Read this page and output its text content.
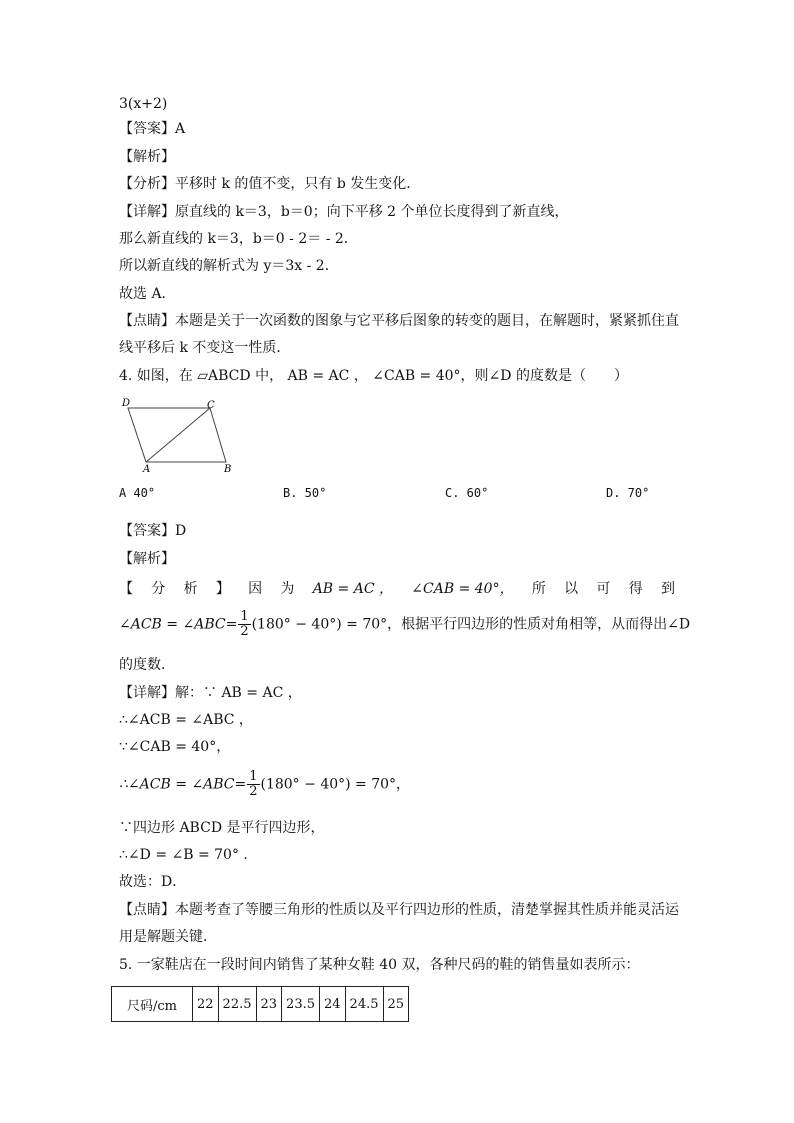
3(x+2)
【答案】A
【解析】
【分析】平移时 k 的值不变，只有 b 发生变化．
【详解】原直线的 k＝3，b＝0；向下平移 2 个单位长度得到了新直线，
那么新直线的 k＝3，b＝0 - 2＝ - 2．
所以新直线的解析式为 y＝3x - 2．
故选 A．
【点睛】本题是关于一次函数的图象与它平移后图象的转变的题目，在解题时，紧紧抓住直
线平移后 k 不变这一性质．
4. 如图，在 ▱ABCD 中， AB = AC ， ∠CAB = 40°，则∠D 的度数是（　　）
D	C
A	B
A 40°	B. 50°	C. 60°	D. 70°
【答案】D
【解析】
【 分 析 】 因 为 AB = AC ， ∠CAB = 40°， 所 以 可 得 到
∠ACB = ∠ABC= $\frac{1}{2} (180^\circ - 40^\circ) = 70^\circ$，根据平行四边形的性质对角相等，从而得出∠D
的度数．
【详解】解：∵ AB = AC ，
∴∠ACB = ∠ABC ，
∵∠CAB = 40°，
∴∠ACB = ∠ABC= $\frac{1}{2} (180^\circ - 40^\circ) = 70^\circ$，
∵四边形 ABCD 是平行四边形，
∴∠D = ∠B = 70° ．
故选：D．
【点睛】本题考查了等腰三角形的性质以及平行四边形的性质，清楚掌握其性质并能灵活运
用是解题关键．
5. 一家鞋店在一段时间内销售了某种女鞋 40 双，各种尺码的鞋的销售量如表所示：
尺码/cm	22	22.5	23	23.5	24	24.5	25
